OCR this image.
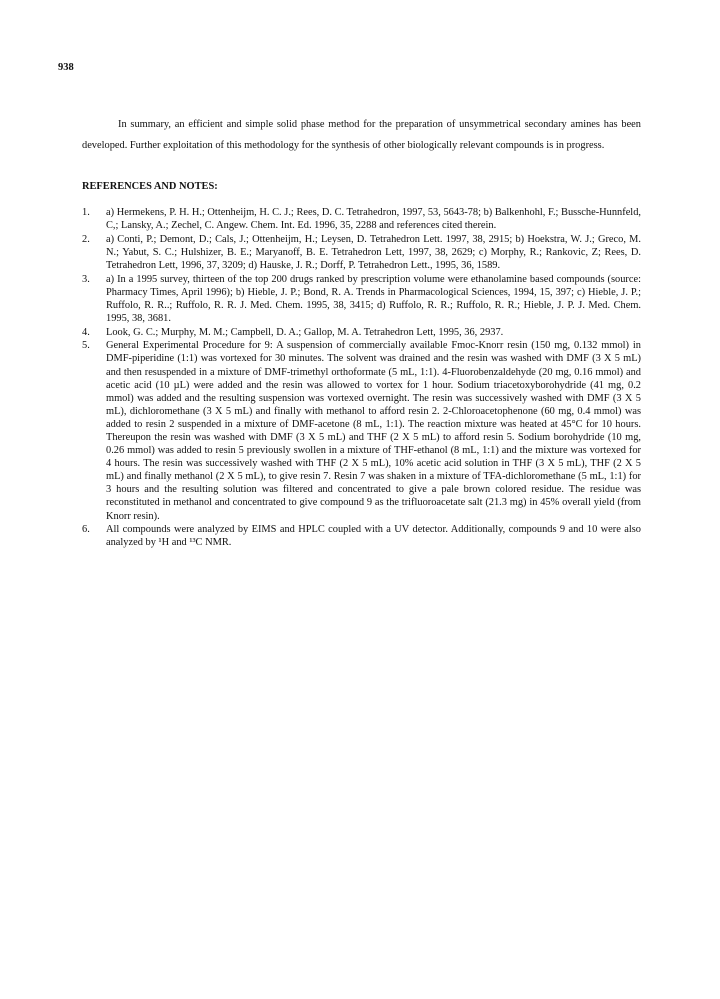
938

In summary, an efficient and simple solid phase method for the preparation of unsymmetrical secondary amines has been developed. Further exploitation of this methodology for the synthesis of other biologically relevant compounds is in progress.

REFERENCES AND NOTES:
1. a) Hermekens, P. H. H.; Ottenheijm, H. C. J.; Rees, D. C. Tetrahedron, 1997, 53, 5643-78; b) Balkenhohl, F.; Bussche-Hunnfeld, C,; Lansky, A.; Zechel, C. Angew. Chem. Int. Ed. 1996, 35, 2288 and references cited therein.
2. a) Conti, P.; Demont, D.; Cals, J.; Ottenheijm, H.; Leysen, D. Tetrahedron Lett. 1997, 38, 2915; b) Hoekstra, W. J.; Greco, M. N.; Yabut, S. C.; Hulshizer, B. E.; Maryanoff, B. E. Tetrahedron Lett, 1997, 38, 2629; c) Morphy, R.; Rankovic, Z; Rees, D. Tetrahedron Lett, 1996, 37, 3209; d) Hauske, J. R.; Dorff, P. Tetrahedron Lett., 1995, 36, 1589.
3. a) In a 1995 survey, thirteen of the top 200 drugs ranked by prescription volume were ethanolamine based compounds (source: Pharmacy Times, April 1996); b) Hieble, J. P.; Bond, R. A. Trends in Pharmacological Sciences, 1994, 15, 397; c) Hieble, J. P.; Ruffolo, R. R..; Ruffolo, R. R. J. Med. Chem. 1995, 38, 3415; d) Ruffolo, R. R.; Ruffolo, R. R.; Hieble, J. P. J. Med. Chem. 1995, 38, 3681.
4. Look, G. C.; Murphy, M. M.; Campbell, D. A.; Gallop, M. A. Tetrahedron Lett, 1995, 36, 2937.
5. General Experimental Procedure for 9: A suspension of commercially available Fmoc-Knorr resin (150 mg, 0.132 mmol) in DMF-piperidine (1:1) was vortexed for 30 minutes. The solvent was drained and the resin was washed with DMF (3 X 5 mL) and then resuspended in a mixture of DMF-trimethyl orthoformate (5 mL, 1:1). 4-Fluorobenzaldehyde (20 mg, 0.16 mmol) and acetic acid (10 µL) were added and the resin was allowed to vortex for 1 hour. Sodium triacetoxyborohydride (41 mg, 0.2 mmol) was added and the resulting suspension was vortexed overnight. The resin was successively washed with DMF (3 X 5 mL), dichloromethane (3 X 5 mL) and finally with methanol to afford resin 2. 2-Chloroacetophenone (60 mg, 0.4 mmol) was added to resin 2 suspended in a mixture of DMF-acetone (8 mL, 1:1). The reaction mixture was heated at 45°C for 10 hours. Thereupon the resin was washed with DMF (3 X 5 mL) and THF (2 X 5 mL) to afford resin 5. Sodium borohydride (10 mg, 0.26 mmol) was added to resin 5 previously swollen in a mixture of THF-ethanol (8 mL, 1:1) and the mixture was vortexed for 4 hours. The resin was successively washed with THF (2 X 5 mL), 10% acetic acid solution in THF (3 X 5 mL), THF (2 X 5 mL) and finally methanol (2 X 5 mL), to give resin 7. Resin 7 was shaken in a mixture of TFA-dichloromethane (5 mL, 1:1) for 3 hours and the resulting solution was filtered and concentrated to give a pale brown colored residue. The residue was reconstituted in methanol and concentrated to give compound 9 as the trifluoroacetate salt (21.3 mg) in 45% overall yield (from Knorr resin).
6. All compounds were analyzed by EIMS and HPLC coupled with a UV detector. Additionally, compounds 9 and 10 were also analyzed by ¹H and ¹³C NMR.
